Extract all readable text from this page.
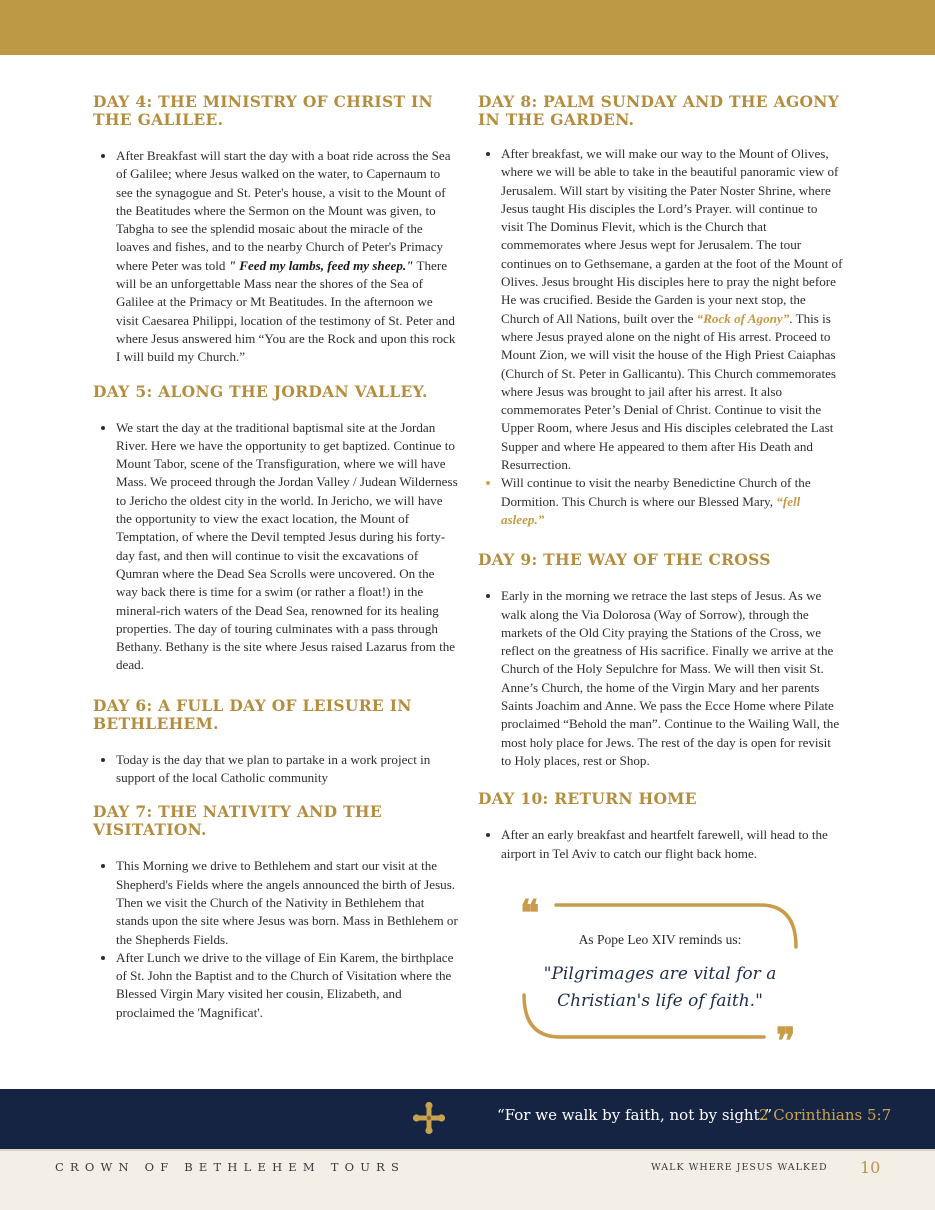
DAY 4: THE MINISTRY OF CHRIST IN THE GALILEE.
• After Breakfast will start the day with a boat ride across the Sea of Galilee; where Jesus walked on the water, to Capernaum to see the synagogue and St. Peter's house, a visit to the Mount of the Beatitudes where the Sermon on the Mount was given, to Tabgha to see the splendid mosaic about the miracle of the loaves and fishes, and to the nearby Church of Peter's Primacy where Peter was told " Feed my lambs, feed my sheep." There will be an unforgettable Mass near the shores of the Sea of Galilee at the Primacy or Mt Beatitudes. In the afternoon we visit Caesarea Philippi, location of the testimony of St. Peter and where Jesus answered him “You are the Rock and upon this rock I will build my Church.”
DAY 5: ALONG THE JORDAN VALLEY.
• We start the day at the traditional baptismal site at the Jordan River. Here we have the opportunity to get baptized. Continue to Mount Tabor, scene of the Transfiguration, where we will have Mass. We proceed through the Jordan Valley / Judean Wilderness to Jericho the oldest city in the world. In Jericho, we will have the opportunity to view the exact location, the Mount of Temptation, of where the Devil tempted Jesus during his forty-day fast, and then will continue to visit the excavations of Qumran where the Dead Sea Scrolls were uncovered. On the way back there is time for a swim (or rather a float!) in the mineral-rich waters of the Dead Sea, renowned for its healing properties. The day of touring culminates with a pass through Bethany. Bethany is the site where Jesus raised Lazarus from the dead.
DAY 6: A FULL DAY OF LEISURE IN BETHLEHEM.
• Today is the day that we plan to partake in a work project in support of the local Catholic community
DAY 7: THE NATIVITY AND THE VISITATION.
• This Morning we drive to Bethlehem and start our visit at the Shepherd's Fields where the angels announced the birth of Jesus. Then we visit the Church of the Nativity in Bethlehem that stands upon the site where Jesus was born. Mass in Bethlehem or the Shepherds Fields.
• After Lunch we drive to the village of Ein Karem, the birthplace of St. John the Baptist and to the Church of Visitation where the Blessed Virgin Mary visited her cousin, Elizabeth, and proclaimed the 'Magnificat'.
DAY 8: PALM SUNDAY AND THE AGONY IN THE GARDEN.
• After breakfast, we will make our way to the Mount of Olives, where we will be able to take in the beautiful panoramic view of Jerusalem. Will start by visiting the Pater Noster Shrine, where Jesus taught His disciples the Lord’s Prayer. will continue to visit The Dominus Flevit, which is the Church that commemorates where Jesus wept for Jerusalem. The tour continues on to Gethsemane, a garden at the foot of the Mount of Olives. Jesus brought His disciples here to pray the night before He was crucified. Beside the Garden is your next stop, the Church of All Nations, built over the “Rock of Agony”. This is where Jesus prayed alone on the night of His arrest. Proceed to Mount Zion, we will visit the house of the High Priest Caiaphas (Church of St. Peter in Gallicantu). This Church commemorates where Jesus was brought to jail after his arrest. It also commemorates Peter’s Denial of Christ. Continue to visit the Upper Room, where Jesus and His disciples celebrated the Last Supper and where He appeared to them after His Death and Resurrection.
• Will continue to visit the nearby Benedictine Church of the Dormition. This Church is where our Blessed Mary, “fell asleep.”
DAY 9: THE WAY OF THE CROSS
• Early in the morning we retrace the last steps of Jesus. As we walk along the Via Dolorosa (Way of Sorrow), through the markets of the Old City praying the Stations of the Cross, we reflect on the greatness of His sacrifice. Finally we arrive at the Church of the Holy Sepulchre for Mass. We will then visit St. Anne’s Church, the home of the Virgin Mary and her parents Saints Joachim and Anne. We pass the Ecce Home where Pilate proclaimed “Behold the man”. Continue to the Wailing Wall, the most holy place for Jews. The rest of the day is open for revisit to Holy places, rest or Shop.
DAY 10: RETURN HOME
• After an early breakfast and heartfelt farewell, will head to the airport in Tel Aviv to catch our flight back home.
❝
❞
As Pope Leo XIV reminds us:
"Pilgrimages are vital for a Christian's life of faith."
“For we walk by faith, not by sight.”
2 Corinthians 5:7
CROWN OF BETHLEHEM TOURS	WALK WHERE JESUS WALKED 10
